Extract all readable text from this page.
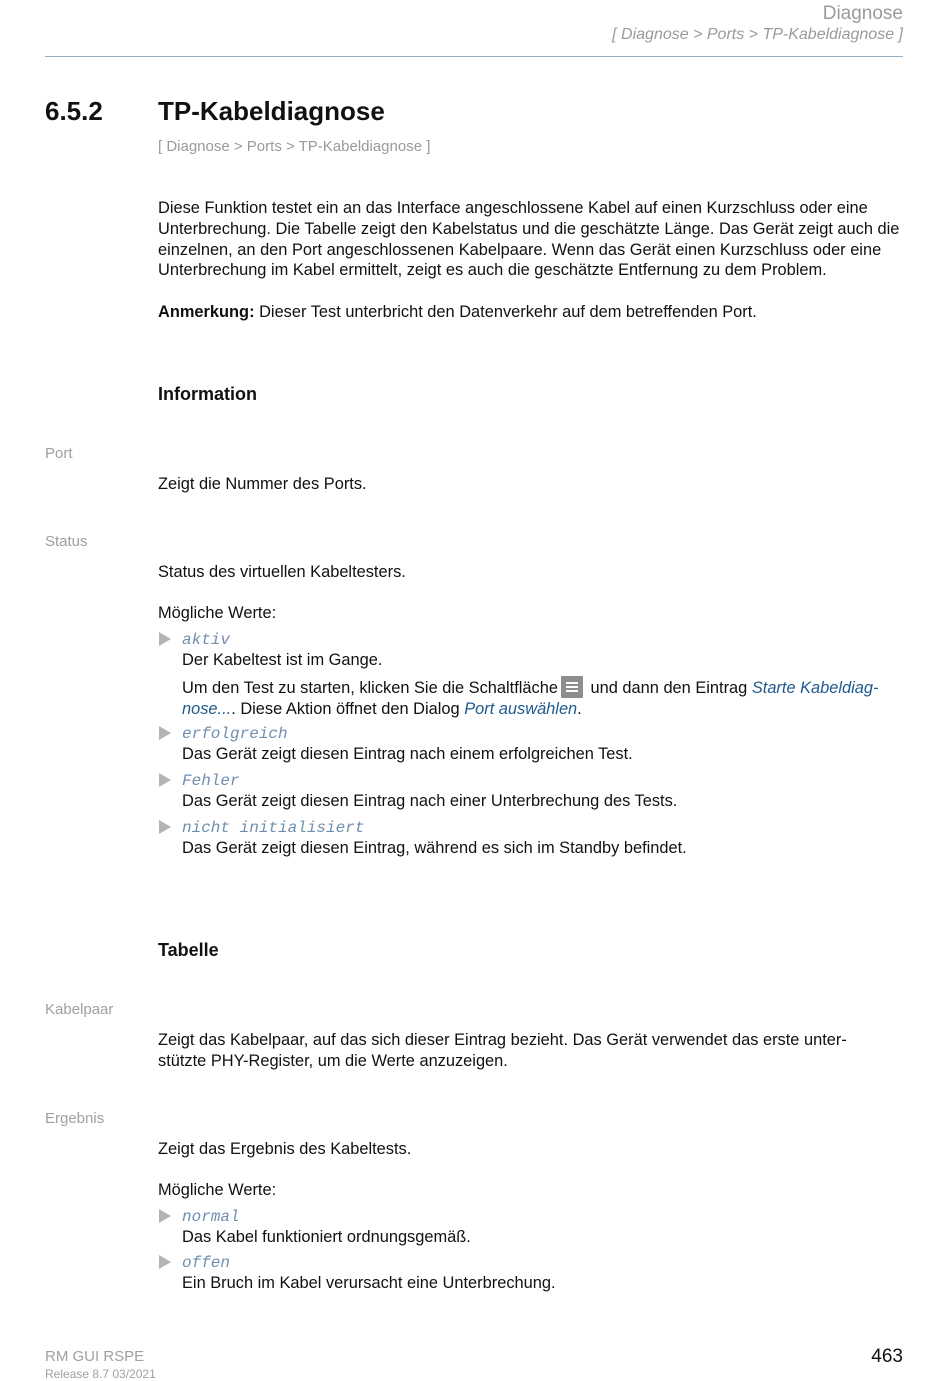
Diagnose
[ Diagnose > Ports > TP-Kabeldiagnose ]
6.5.2 TP-Kabeldiagnose
[ Diagnose > Ports > TP-Kabeldiagnose ]
Diese Funktion testet ein an das Interface angeschlossene Kabel auf einen Kurzschluss oder eine Unterbrechung. Die Tabelle zeigt den Kabelstatus und die geschätzte Länge. Das Gerät zeigt auch die einzelnen, an den Port angeschlossenen Kabelpaare. Wenn das Gerät einen Kurzschluss oder eine Unterbrechung im Kabel ermittelt, zeigt es auch die geschätzte Entfernung zu dem Problem.
Anmerkung: Dieser Test unterbricht den Datenverkehr auf dem betreffenden Port.
Information
Port
Zeigt die Nummer des Ports.
Status
Status des virtuellen Kabeltesters.
Mögliche Werte:
aktiv
Der Kabeltest ist im Gange.
Um den Test zu starten, klicken Sie die Schaltfläche
und dann den Eintrag Starte Kabeldiag-
nose.... Diese Aktion öffnet den Dialog Port auswählen.
erfolgreich
Das Gerät zeigt diesen Eintrag nach einem erfolgreichen Test.
Fehler
Das Gerät zeigt diesen Eintrag nach einer Unterbrechung des Tests.
nicht initialisiert
Das Gerät zeigt diesen Eintrag, während es sich im Standby befindet.
Tabelle
Kabelpaar
Zeigt das Kabelpaar, auf das sich dieser Eintrag bezieht. Das Gerät verwendet das erste unter-
stützte PHY-Register, um die Werte anzuzeigen.
Ergebnis
Zeigt das Ergebnis des Kabeltests.
Mögliche Werte:
normal
Das Kabel funktioniert ordnungsgemäß.
offen
Ein Bruch im Kabel verursacht eine Unterbrechung.
RM GUI RSPE
Release 8.7 03/2021
463
